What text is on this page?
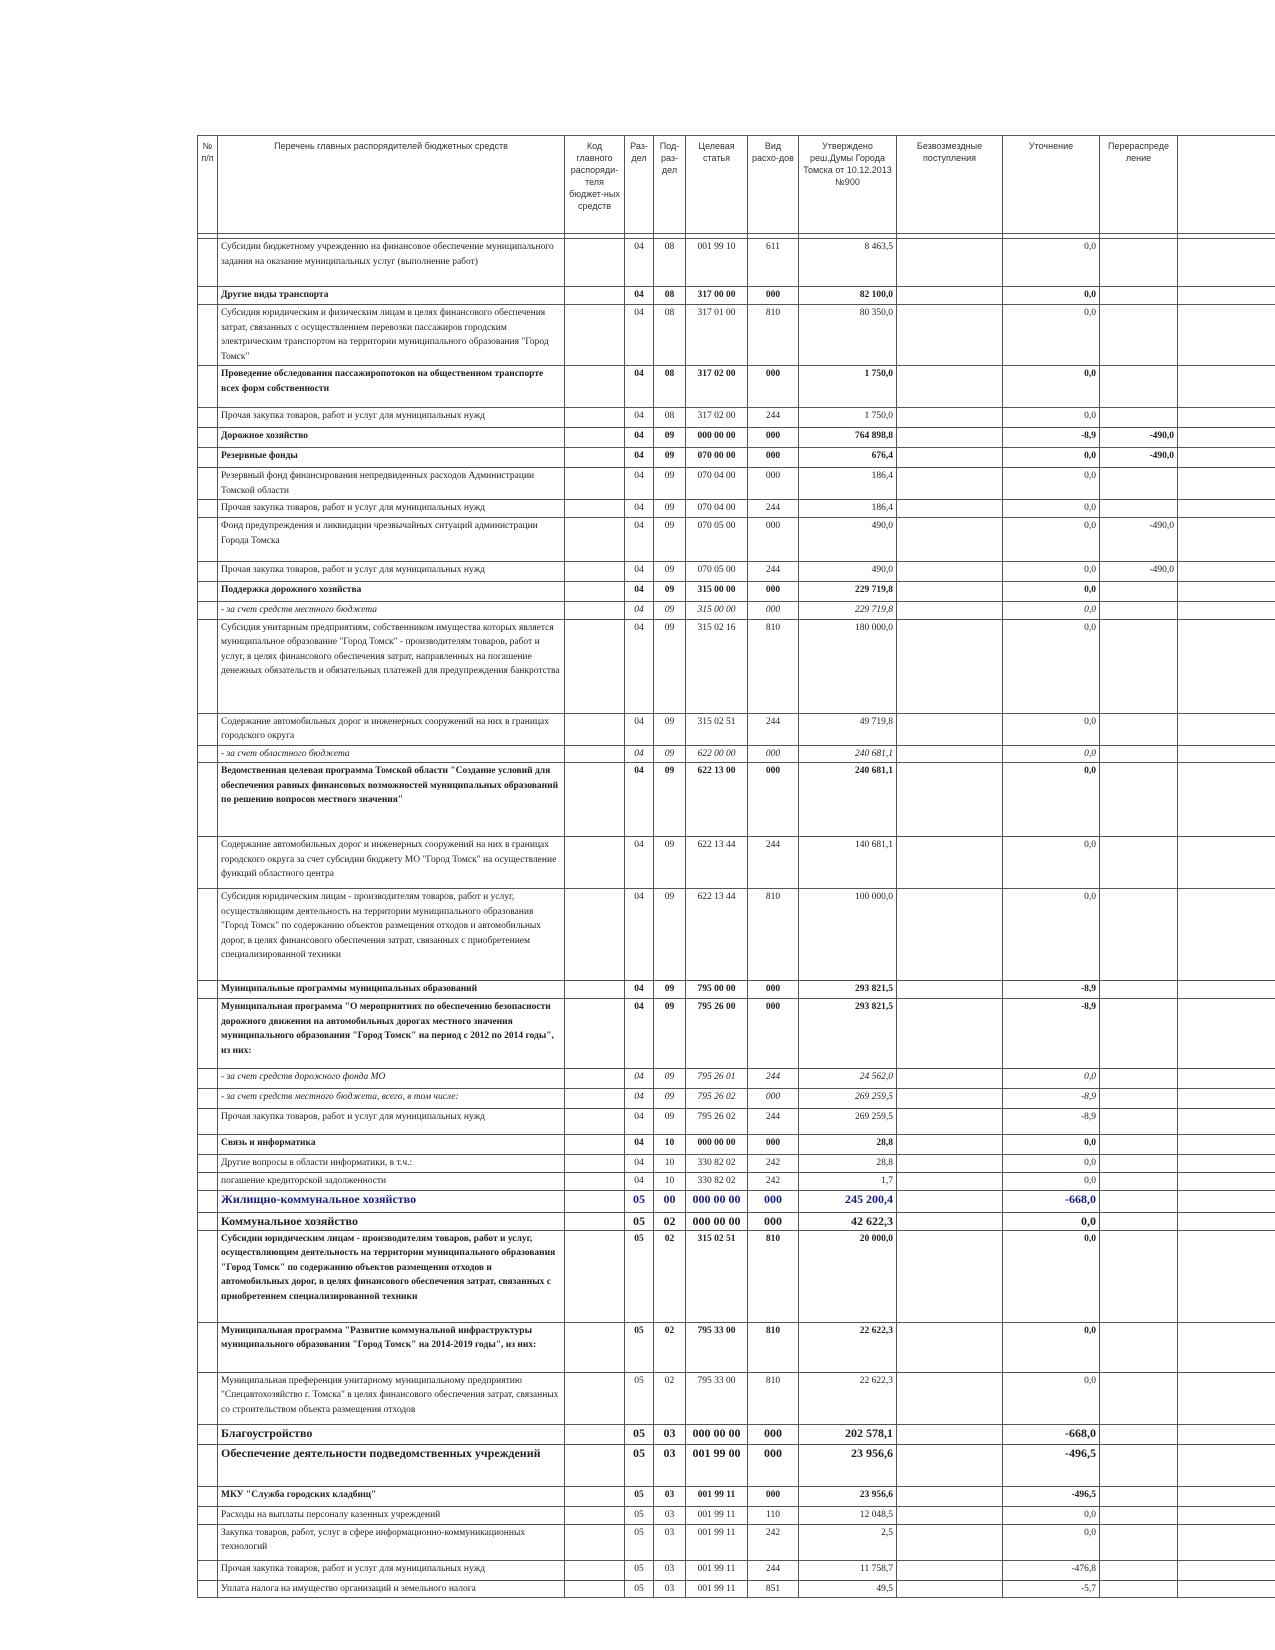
№ п/п	Перечень главных распорядителей бюджетных средств	Код главного распоряди-теля бюджет-ных средств	Раз-дел	Под-раз-дел	Целевая статья	Вид расхо-дов	Утверждено реш.Думы Города Томска от 10.12.2013 №900	Безвозмездные поступления	Уточнение	Перераспреде ление	

	Субсидии бюджетному учреждению на финансовое обеспечение муниципального задания на оказание муниципальных услуг (выполнение работ)		04	08	001 99 10	611	8 463,5		0,0		
	Другие виды транспорта		04	08	317 00 00	000	82 100,0		0,0		
	Субсидия юридическим и физическим лицам в целях финансового обеспечения затрат, связанных с осуществлением перевозки пассажиров городским электрическим транспортом на территории муниципального образования "Город Томск"		04	08	317 01 00	810	80 350,0		0,0		
	Проведение обследования пассажиропотоков на общественном транспорте всех форм собственности		04	08	317 02 00	000	1 750,0		0,0		
	Прочая закупка товаров, работ и услуг для муниципальных нужд		04	08	317 02 00	244	1 750,0		0,0		
	Дорожное хозяйство		04	09	000 00 00	000	764 898,8		-8,9	-490,0	
	Резервные фонды		04	09	070 00 00	000	676,4		0,0	-490,0	
	Резервный фонд финансирования непредвиденных расходов Администрации Томской области		04	09	070 04 00	000	186,4		0,0		
	Прочая закупка товаров, работ и услуг для муниципальных нужд		04	09	070 04 00	244	186,4		0,0		
	Фонд предупреждения и ликвидации чрезвычайных ситуаций администрации Города Томска		04	09	070 05 00	000	490,0		0,0	-490,0	
	Прочая закупка товаров, работ и услуг для муниципальных нужд		04	09	070 05 00	244	490,0		0,0	-490,0	
	Поддержка дорожного хозяйства		04	09	315 00 00	000	229 719,8		0,0		
	- за счет средств местного бюджета		04	09	315 00 00	000	229 719,8		0,0		
	Субсидия унитарным предприятиям, собственником имущества которых является муниципальное образование "Город Томск" - производителям товаров, работ и услуг, в целях финансового обеспечения затрат, направленных на погашение денежных обязательств и обязательных платежей для предупреждения банкротства		04	09	315 02 16	810	180 000,0		0,0		
	Содержание автомобильных дорог и инженерных сооружений на них в границах городского округа		04	09	315 02 51	244	49 719,8		0,0		
	- за счет областного бюджета		04	09	622 00 00	000	240 681,1		0,0		
	Ведомственная целевая программа Томской области "Создание условий для обеспечения равных финансовых возможностей муниципальных образований по решению вопросов местного значения"		04	09	622 13 00	000	240 681,1		0,0		
	Содержание автомобильных дорог и инженерных сооружений на них в границах городского округа за счет субсидии бюджету МО "Город Томск" на осуществление функций областного центра		04	09	622 13 44	244	140 681,1		0,0		
	Субсидия юридическим лицам - производителям товаров, работ и услуг, осуществляющим деятельность на территории муниципального образования "Город Томск" по содержанию объектов размещения отходов и автомобильных дорог, в целях финансового обеспечения затрат, связанных с приобретением специализированной техники		04	09	622 13 44	810	100 000,0		0,0		
	Муниципальные программы муниципальных образований		04	09	795 00 00	000	293 821,5		-8,9		
	Муниципальная программа "О мероприятиях по обеспечению безопасности дорожного движения на автомобильных дорогах местного значения муниципального образования "Город Томск" на период с 2012 по 2014 годы", из них:		04	09	795 26 00	000	293 821,5		-8,9		
	- за счет средств дорожного фонда МО		04	09	795 26 01	244	24 562,0		0,0		
	- за счет средств местного бюджета, всего, в том числе:		04	09	795 26 02	000	269 259,5		-8,9		
	Прочая закупка товаров, работ и услуг для муниципальных нужд		04	09	795 26 02	244	269 259,5		-8,9		
	Связь и информатика		04	10	000 00 00	000	28,8		0,0		
	Другие вопросы в области информатики, в т.ч.:		04	10	330 82 02	242	28,8		0,0		
	погашение кредиторской задолженности		04	10	330 82 02	242	1,7		0,0		
	Жилищно-коммунальное хозяйство		05	00	000 00 00	000	245 200,4		-668,0		
	Коммунальное хозяйство		05	02	000 00 00	000	42 622,3		0,0		
	Субсидии юридическим лицам - производителям товаров, работ и услуг, осуществляющим деятельность на территории муниципального образования "Город Томск" по содержанию объектов размещения отходов и автомобильных дорог, в целях финансового обеспечения затрат, связанных с приобретением специализированной техники		05	02	315 02 51	810	20 000,0		0,0		
	Муниципальная программа "Развитие коммунальной инфраструктуры муниципального образования "Город Томск" на 2014-2019 годы", из них:		05	02	795 33 00	810	22 622,3		0,0		
	Муниципальная преференция унитарному муниципальному предприятию "Спецавтохозяйство г. Томска" в целях финансового обеспечения затрат, связанных со строительством объекта размещения отходов		05	02	795 33 00	810	22 622,3		0,0		
	Благоустройство		05	03	000 00 00	000	202 578,1		-668,0		
	Обеспечение деятельности подведомственных учреждений		05	03	001 99 00	000	23 956,6		-496,5		
	МКУ "Служба городских кладбищ"		05	03	001 99 11	000	23 956,6		-496,5		
	Расходы на выплаты персоналу казенных учреждений		05	03	001 99 11	110	12 048,5		0,0		
	Закупка товаров, работ, услуг в сфере информационно-коммуникационных технологий		05	03	001 99 11	242	2,5		0,0		
	Прочая закупка товаров, работ и услуг для муниципальных нужд		05	03	001 99 11	244	11 758,7		-476,8		
	Уплата налога на имущество организаций и земельного налога		05	03	001 99 11	851	49,5		-5,7		
